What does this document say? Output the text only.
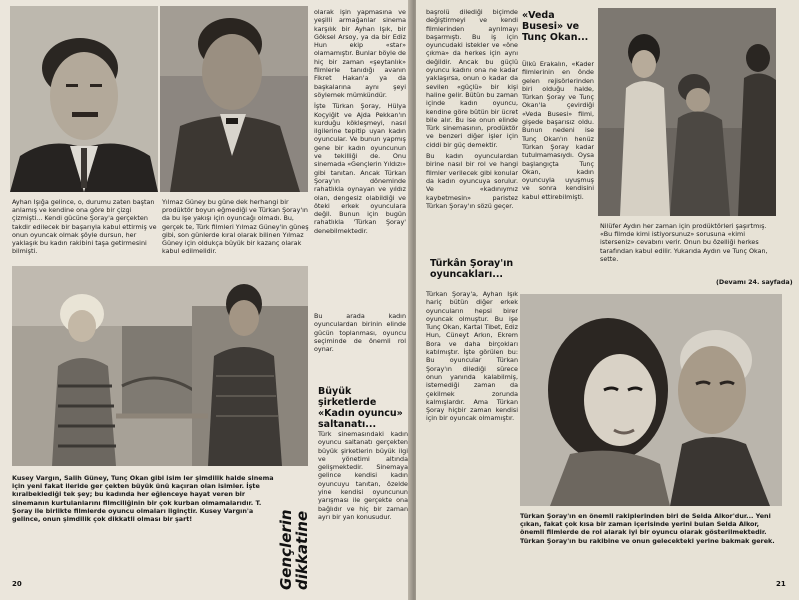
Ayhan Işığa gelince, o, durumu zaten baştan anlamış ve kendine ona göre bir çizgi çizmişti... Kendi gücüne Şoray'a gerçekten takdir edilecek bir başarıyla kabul ettirmiş ve onun oyuncak olmak şöyle dursun, her yaklaşık bu kadın rakibini taşa getirmesini bilmişti.

Yılmaz Güney bu güne dek herhangi bir prodüktör boyun eğmediği ve Türkan Şoray'ın da bu işe yakışı için oyuncağı olmadı. Bu, gerçek te, Türk filmleri Yılmaz Güney'in güneş gibi, son günlerde kıral olarak bilinen Yılmaz Güney için oldukça büyük bir kazanç olarak kabul edilmelidir.

olarak işin yapmasına ve yeşilli armağanlar sinema karşılık bir Ayhan Işık, bir Göksel Arsoy, ya da bir Ediz Hun ekip «star» olamamıştır. Bunlar böyle de hiç bir zaman «şeytanlık» filmlerle tanıdığı avanın Fikret Hakan'a ya da başkalarına aynı şeyi söylemek mümkündür.

İşte Türkan Şoray, Hülya Koçyiğit ve Ajda Pekkan'ın kurduğu kökleşmeyi, nasıl ilgilerine tepitip uyan kadın oyuncular. Ve bunun yapmış gene bir kadın oyuncunun ve tekilliği de. Onu sinemada «Gençlerin Yıldızı» gibi tanıtan. Ancak Türkan Şoray'ın döneminde rahatlıkla oynayan ve yıldız olan, dengesiz olabildiği ve öteki erkek oyunculara değil. Bunun için bugün rahatlıkla 'Türkan Şoray' denebilmektedir.

Kusey Vargın, Salih Güney, Tunç Okan gibi isim ler şimdilik halde sinema için yeni fakat ileride ger çekten büyük ünü kaçıran olan isimler. İşte kıralbeklediği tek şey; bu kadında her eğlenceye hayat veren bir sinemanın kurtulanlarını filmciliğinin bir çok kurban olmamalarıdır. T. Şoray ile birlikte filmlerde oyuncu olmaları ilginçtir. Kusey Vargın'a gelince, onun şimdilik çok dikkatli olması bir şart!

Bu arada kadın oyunculardan birinin elinde gücün toplanması, oyuncu seçiminde de önemli rol oynar.

Büyük şirketlerde «Kadın oyuncu» saltanatı...

Türk sinemasındaki kadın oyuncu saltanatı gerçekten büyük şirketlerin büyük ilgi ve yönetimi altında gelişmektedir. Sinemaya gelince kendisi kadın oyuncuyu tanıtan, özelde yine kendisi oyuncunun yarışması ile gerçekte ona bağlıdır ve hiç bir zaman ayrı bir yan konusudur.

Gençlerin dikkatine
20

başrolü dilediği biçimde değiştirmeyi ve kendi filmlerinden ayrılmayı başarmıştı. Bu iş için oyuncudaki istekler ve «öne çıkma» da herkes için aynı değildir. Ancak bu güçlü oyuncu kadını ona ne kadar yaklaşırsa, onun o kadar da sevilen «güçlü» bir kişi haline gelir. Bütün bu zaman içinde kadın oyuncu, kendine göre bütün bir ücret bile alır. Bu ise onun elinde Türk sinemasının, prodüktör ve benzeri diğer işler için ciddi bir güç demektir.

Bu kadın oyunculardan birine nasıl bir rol ve hangi filmler verilecek gibi konular da kadın oyuncuya sorulur. Ve «kadınıymız kaybetmesin» paristez Türkan Şoray'ın sözü geçer.

Türkân Şoray'ın oyuncakları...

Türkan Şoray'a, Ayhan Işık hariç bütün diğer erkek oyuncuların hepsi birer oyuncak olmuştur. Bu işe Tunç Okan, Kartal Tibet, Ediz Hun, Cüneyt Arkın, Ekrem Bora ve daha birçokları katılmıştır. İşte görülen bu: Bu oyuncular Türkan Şoray'ın dilediği sürece onun yanında kalabilmiş, istemediği zaman da çekilmek zorunda kalmışlardır. Ama Türkan Şoray hiçbir zaman kendisi için bir oyuncak olmamıştır.

«Veda Busesi» ve Tunç Okan...

Ülkü Erakalın, «Kader filmlerinin en önde gelen rejisörlerinden biri olduğu halde, Türkan Şoray ve Tunç Okan'la çevirdiği «Veda Busesi» filmi, gişede başarısız oldu. Bunun nedeni ise Tunç Okan'ın henüz Türkan Şoray kadar tutulmamasıydı. Oysa başlangıçta Tunç Okan, kadın oyuncuyla uyuşmuş ve sonra kendisini kabul ettirebilmişti.

Nilüfer Aydın her zaman için prodüktörleri şaşırtmış. «Bu filmde kimi istiyorsunuz» sorusuna «kimi isterseniz» cevabını verir. Onun bu özelliği herkes tarafından kabul edilir. Yukarıda Aydın ve Tunç Okan, sette.

(Devamı 24. sayfada)

Türkan Şoray'ın en önemli rakiplerinden biri de Selda Alkor'dur... Yeni çıkan, fakat çok kısa bir zaman içerisinde yerini bulan Selda Alkor, önemli filmlerde de rol alarak iyi bir oyuncu olarak gösterilmektedir. Türkan Şoray'ın bu rakibine ve onun gelecekteki yerine bakmak gerek.

21
